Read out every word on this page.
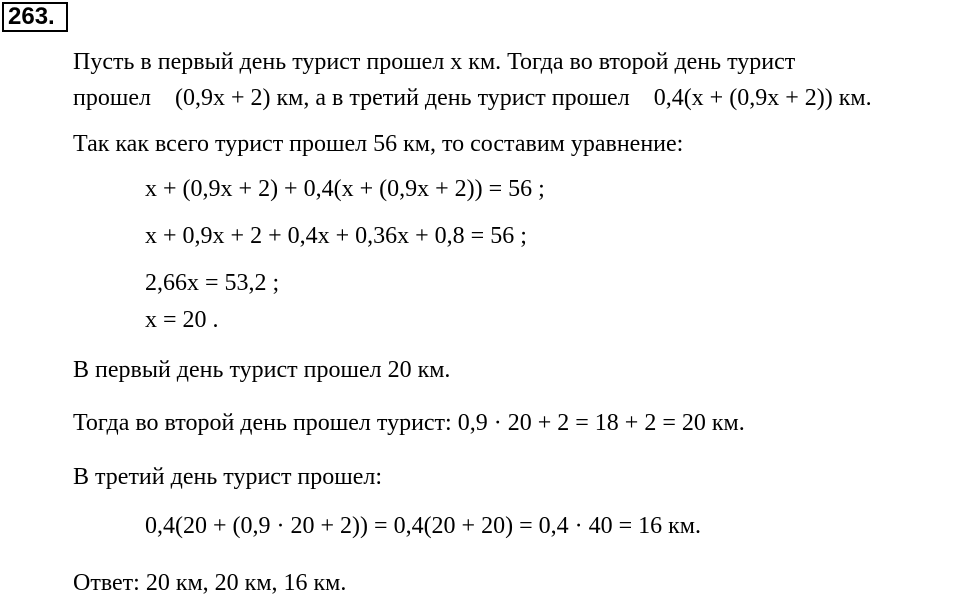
263.
Пусть в первый день турист прошел x км. Тогда во второй день турист
прошел (0,9x + 2) км, а в третий день турист прошел 0,4(x + (0,9x + 2)) км.
Так как всего турист прошел 56 км, то составим уравнение:
x + (0,9x + 2) + 0,4(x + (0,9x + 2)) = 56 ;
x + 0,9x + 2 + 0,4x + 0,36x + 0,8 = 56 ;
2,66x = 53,2 ;
x = 20 .
В первый день турист прошел 20 км.
Тогда во второй день прошел турист: 0,9 · 20 + 2 = 18 + 2 = 20 км.
В третий день турист прошел:
0,4(20 + (0,9 · 20 + 2)) = 0,4(20 + 20) = 0,4 · 40 = 16 км.
Ответ: 20 км, 20 км, 16 км.
